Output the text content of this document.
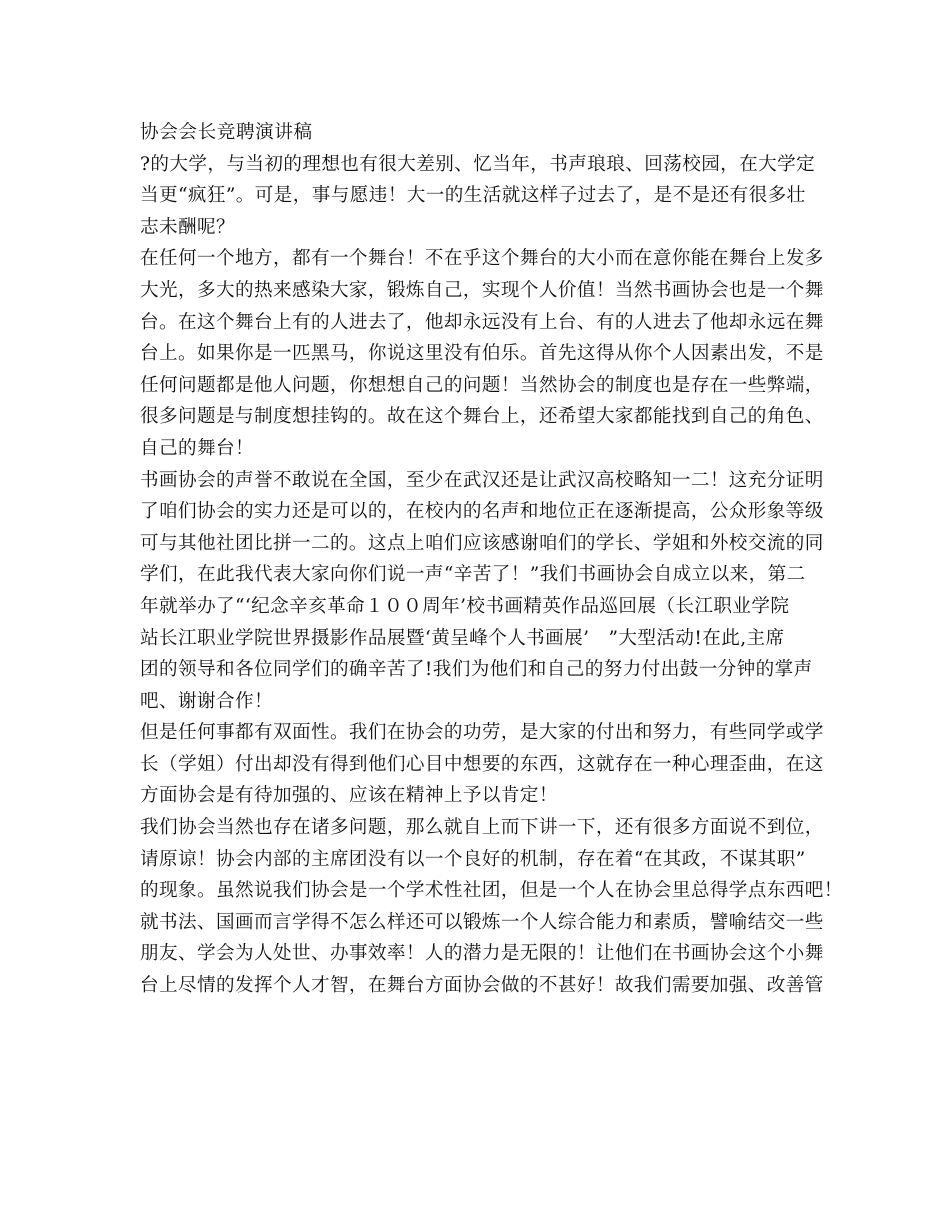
协会会长竞聘演讲稿
?的大学，与当初的理想也有很大差别、忆当年，书声琅琅、回荡校园，在大学定
当更“疯狂”。可是，事与愿违！大一的生活就这样子过去了，是不是还有很多壮
志未酬呢？
在任何一个地方，都有一个舞台！不在乎这个舞台的大小而在意你能在舞台上发多
大光，多大的热来感染大家，锻炼自己，实现个人价值！当然书画协会也是一个舞
台。在这个舞台上有的人进去了，他却永远没有上台、有的人进去了他却永远在舞
台上。如果你是一匹黑马，你说这里没有伯乐。首先这得从你个人因素出发，不是
任何问题都是他人问题，你想想自己的问题！当然协会的制度也是存在一些弊端，
很多问题是与制度想挂钩的。故在这个舞台上，还希望大家都能找到自己的角色、
自己的舞台！
书画协会的声誉不敢说在全国，至少在武汉还是让武汉高校略知一二！这充分证明
了咱们协会的实力还是可以的，在校内的名声和地位正在逐渐提高，公众形象等级
可与其他社团比拼一二的。这点上咱们应该感谢咱们的学长、学姐和外校交流的同
学们，在此我代表大家向你们说一声“辛苦了！”我们书画协会自成立以来，第二
年就举办了“‘纪念辛亥革命１００周年’校书画精英作品巡回展（长江职业学院
站长江职业学院世界摄影作品展暨‘黄呈峰个人书画展’　”大型活动!在此,主席
团的领导和各位同学们的确辛苦了!我们为他们和自己的努力付出鼓一分钟的掌声
吧、谢谢合作！
但是任何事都有双面性。我们在协会的功劳，是大家的付出和努力，有些同学或学
长（学姐）付出却没有得到他们心目中想要的东西，这就存在一种心理歪曲，在这
方面协会是有待加强的、应该在精神上予以肯定！
我们协会当然也存在诸多问题，那么就自上而下讲一下，还有很多方面说不到位，
请原谅！协会内部的主席团没有以一个良好的机制，存在着“在其政，不谋其职”
的现象。虽然说我们协会是一个学术性社团，但是一个人在协会里总得学点东西吧！
就书法、国画而言学得不怎么样还可以锻炼一个人综合能力和素质，譬喻结交一些
朋友、学会为人处世、办事效率！人的潜力是无限的！让他们在书画协会这个小舞
台上尽情的发挥个人才智，在舞台方面协会做的不甚好！故我们需要加强、改善管
